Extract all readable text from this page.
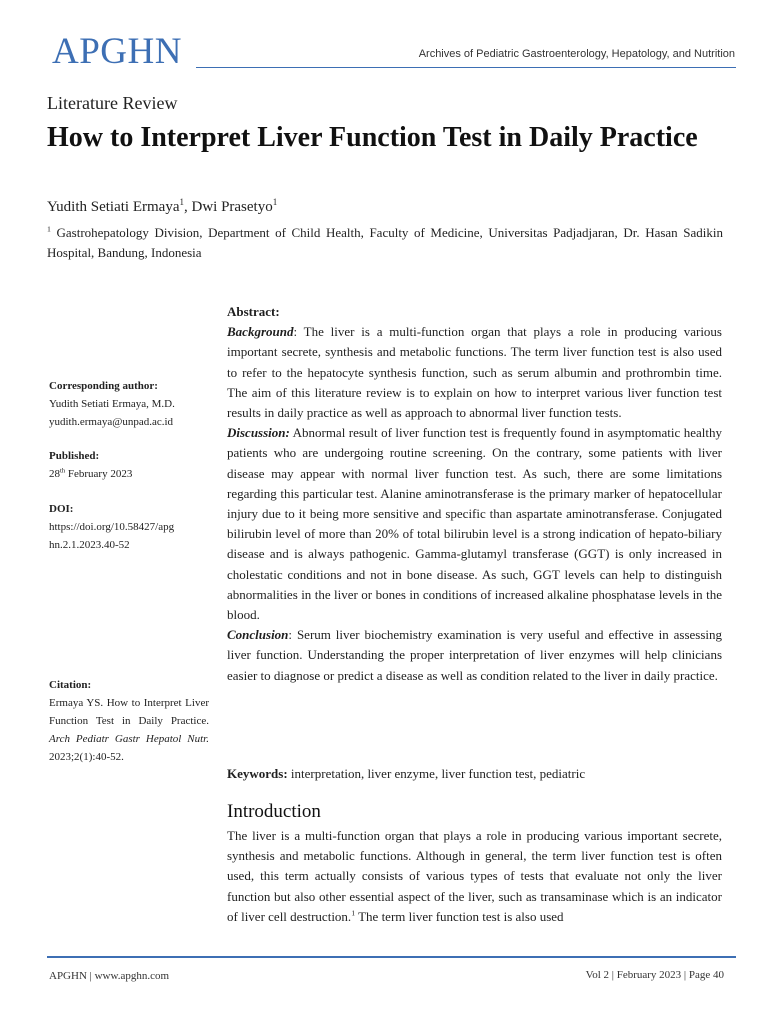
APGHN	Archives of Pediatric Gastroenterology, Hepatology, and Nutrition
Literature Review
How to Interpret Liver Function Test in Daily Practice
Yudith Setiati Ermaya$^1$, Dwi Prasetyo$^1$
$^1$ Gastrohepatology Division, Department of Child Health, Faculty of Medicine, Universitas Padjadjaran, Dr. Hasan Sadikin Hospital, Bandung, Indonesia
Corresponding author:
Yudith Setiati Ermaya, M.D.
yudith.ermaya@unpad.ac.id
Published:
28th February 2023
DOI:
https://doi.org/10.58427/apg
hn.2.1.2023.40-52
Citation:
Ermaya YS. How to Interpret Liver Function Test in Daily Practice. Arch Pediatr Gastr Hepatol Nutr. 2023;2(1):40-52.

Abstract:

Background: The liver is a multi-function organ that plays a role in producing various important secrete, synthesis and metabolic functions. The term liver function test is also used to refer to the hepatocyte synthesis function, such as serum albumin and prothrombin time. The aim of this literature review is to explain on how to interpret various liver function test results in daily practice as well as approach to abnormal liver function tests.

Discussion: Abnormal result of liver function test is frequently found in asymptomatic healthy patients who are undergoing routine screening. On the contrary, some patients with liver disease may appear with normal liver function test. As such, there are some limitations regarding this particular test. Alanine aminotransferase is the primary marker of hepatocellular injury due to it being more sensitive and specific than aspartate aminotransferase. Conjugated bilirubin level of more than 20% of total bilirubin level is a strong indication of hepato-biliary disease and is always pathogenic. Gamma-glutamyl transferase (GGT) is only increased in cholestatic conditions and not in bone disease. As such, GGT levels can help to distinguish abnormalities in the liver or bones in conditions of increased alkaline phosphatase levels in the blood.

Conclusion: Serum liver biochemistry examination is very useful and effective in assessing liver function. Understanding the proper interpretation of liver enzymes will help clinicians easier to diagnose or predict a disease as well as condition related to the liver in daily practice.

Keywords: interpretation, liver enzyme, liver function test, pediatric
Introduction
The liver is a multi-function organ that plays a role in producing various important secrete, synthesis and metabolic functions. Although in general, the term liver function test is often used, this term actually consists of various types of tests that evaluate not only the liver function but also other essential aspect of the liver, such as transaminase which is an indicator of liver cell destruction.$^1$ The term liver function test is also used
APGHN | www.apghn.com	Vol 2 | February 2023 | Page 40
